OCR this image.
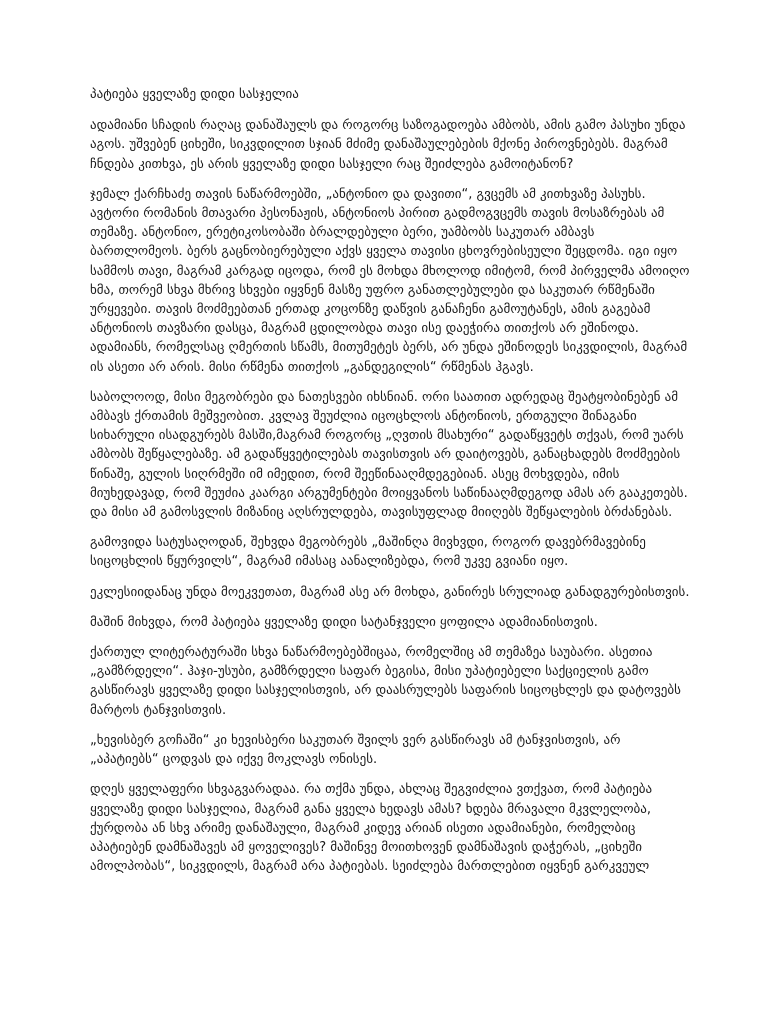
პატიება ყველაზე დიდი სასჯელია

ადამიანი სჩადის რაღაც დანაშაულს და როგორც საზოგადოება ამბობს, ამის გამო პასუხი უნდა აგოს. უშვებენ ციხეში, სიკვდილით სჯიან მძიმე დანაშაულებების მქონე პიროვნებებს. მაგრამ ჩნდება კითხვა, ეს არის ყველაზე დიდი სასჯელი რაც შეიძლება გამოიტანონ?

ჯემალ ქარჩხაძე თავის ნაწარმოებში, „ანტონიო და დავითი“, გვცემს ამ კითხვაზე პასუხს. ავტორი რომანის მთავარი პესონაჟის, ანტონიოს პირით გადმოგვცემს თავის მოსაზრებას ამ თემაზე. ანტონიო, ერეტიკოსობაში ბრალდებული ბერი, უამბობს საკუთარ ამბავს ბართლომეოს. ბერს გაცნობიერებული აქვს ყველა თავისი ცხოვრებისეული შეცდომა. იგი იყო სამმოს თავი, მაგრამ კარგად იცოდა, რომ ეს მოხდა მხოლოდ იმიტომ, რომ პირველმა ამოიღო ხმა, თორემ სხვა მხრივ სხვები იყვნენ მასზე უფრო განათლებულები და საკუთარ რწმენაში ურყევები. თავის მოძმეებთან ერთად კოცონზე დაწვის განაჩენი გამოუტანეს, ამის გაგებამ ანტონიოს თავზარი დასცა, მაგრამ ცდილობდა თავი ისე დაეჭირა თითქოს არ ეშინოდა. ადამიანს, რომელსაც ღმერთის სწამს, მითუმეტეს ბერს, არ უნდა ეშინოდეს სიკვდილის, მაგრამ ის ასეთი არ არის. მისი რწმენა თითქოს „განდეგილის“ რწმენას ჰგავს.

საბოლოოდ, მისი მეგობრები და ნათესვები იხსნიან. ორი საათით ადრედაც შეატყობინებენ ამ ამბავს ქრთამის მეშვეობით. კვლავ შეუძლია იცოცხლოს ანტონიოს, ერთგული შინაგანი სიხარული ისადგურებს მასში,მაგრამ როგორც „ღვთის მსახური“ გადაწყვეტს თქვას, რომ უარს ამბობს შეწყალებაზე. ამ გადაწყვეტილებას თავისთვის არ დაიტოვებს, განაცხადებს მოძმეების წინაშე, გულის სიღრმეში იმ იმედით, რომ შეეწინააღმდეგებიან. ასეც მოხვდება, იმის მიუხედავად, რომ შეუძია კაარგი არგუმენტები მოიყვანოს საწინააღმდეგოდ ამას არ გააკეთებს. და მისი ამ გამოსვლის მიზანიც აღსრულდება, თავისუფლად მიიღებს შეწყალების ბრძანებას.

გამოვიდა სატუსაღოდან, შეხვდა მეგობრებს „მაშინღა მივხვდი, როგორ დავებრმავებინე სიცოცხლის წყურვილს“, მაგრამ იმასაც აანალიზებდა, რომ უკვე გვიანი იყო.

ეკლესიიდანაც უნდა მოეკვეთათ, მაგრამ ასე არ მოხდა, განირეს სრულიად განადგურებისთვის.

მაშინ მიხვდა, რომ პატიება ყველაზე დიდი სატანჯველი ყოფილა ადამიანისთვის.

ქართულ ლიტერატურაში სხვა ნაწარმოებებშიცაა, რომელშიც ამ თემაზეა საუბარი. ასეთია „გამზრდელი“. ჰაჯი-უსუბი, გამზრდელი საფარ ბეგისა, მისი უპატიებელი საქციელის გამო გასწირავს ყველაზე დიდი სასჯელისთვის, არ დაასრულებს საფარის სიცოცხლეს და დატოვებს მარტოს ტანჯვისთვის.

„ხევისბერ გოჩაში“ კი ხევისბერი საკუთარ შვილს ვერ გასწირავს ამ ტანჯვისთვის, არ „აპატიებს“ ცოდვას და იქვე მოკლავს ონისეს.

დღეს ყველაფერი სხვაგვარადაა. რა თქმა უნდა, ახლაც შეგვიძლია ვთქვათ, რომ პატიება ყველაზე დიდი სასჯელია, მაგრამ განა ყველა ხედავს ამას? ხდება მრავალი მკვლელობა, ქურდობა ან სხვ არიმე დანაშაული, მაგრამ კიდევ არიან ისეთი ადამიანები, რომელბიც აპატიებენ დამნაშავეს ამ ყოველივეს? მაშინვე მოითხოვენ დამნაშავის დაჭერას, „ციხეში ამოლპობას“, სიკვდილს, მაგრამ არა პატიებას. სეიძლება მართლებით იყვნენ გარკვეულ
